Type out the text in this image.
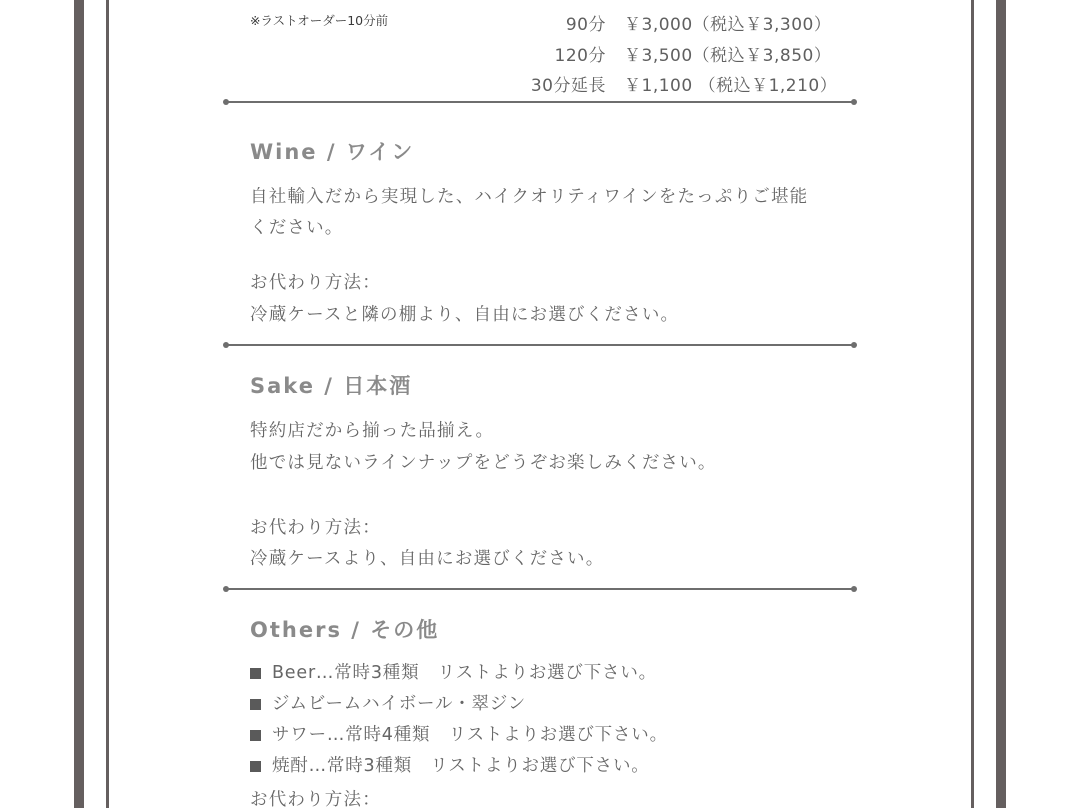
※ラストオーダー10分前	90分 ￥3,000（税込￥3,300）
120分 ￥3,500（税込￥3,850）
30分延長 ￥1,100 （税込￥1,210）
Wine / ワイン
自社輸入だから実現した、ハイクオリティワインをたっぷりご堪能
ください。
お代わり方法：
冷蔵ケースと隣の棚より、自由にお選びください。
Sake / 日本酒
特約店だから揃った品揃え。
他では見ないラインナップをどうぞお楽しみください。
お代わり方法：
冷蔵ケースより、自由にお選びください。
Others / その他
Beer…常時3種類　リストよりお選び下さい。
ジムビームハイボール・翠ジン
サワー…常時4種類　リストよりお選び下さい。
焼酎…常時3種類　リストよりお選び下さい。
お代わり方法：
